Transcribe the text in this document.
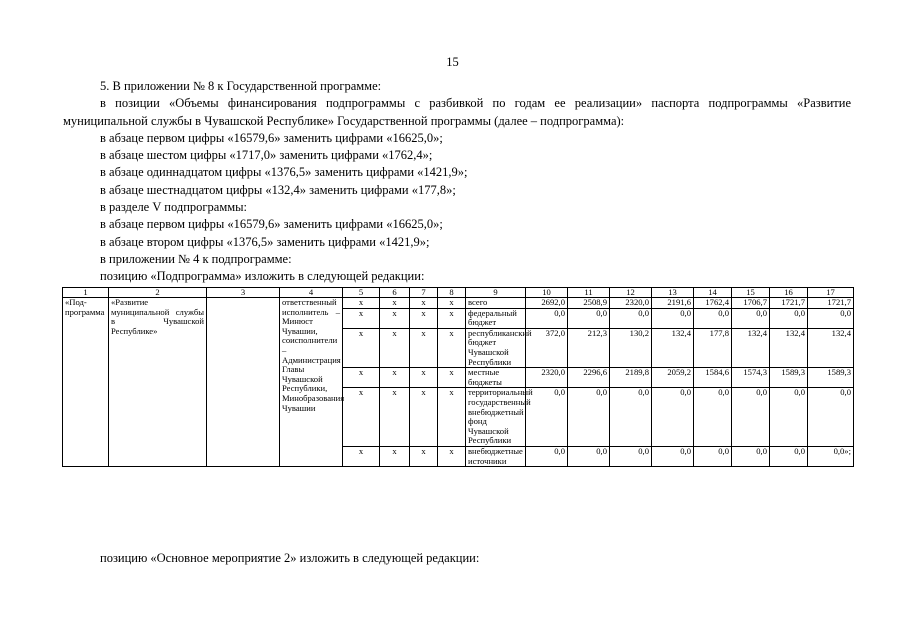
15

5. В приложении № 8 к Государственной программе:

в позиции «Объемы финансирования подпрограммы с разбивкой по годам ее реализации» паспорта подпрограммы «Развитие муниципальной службы в Чувашской Республике» Государственной программы (далее – подпрограмма):

в абзаце первом цифры «16579,6» заменить цифрами «16625,0»;

в абзаце шестом цифры «1717,0» заменить цифрами «1762,4»;

в абзаце одиннадцатом цифры «1376,5» заменить цифрами «1421,9»;

в абзаце шестнадцатом цифры «132,4» заменить цифрами «177,8»;

в разделе V подпрограммы:

в абзаце первом цифры «16579,6» заменить цифрами «16625,0»;

в абзаце втором цифры «1376,5» заменить цифрами «1421,9»;

в приложении № 4 к подпрограмме:

позицию «Подпрограмма» изложить в следующей редакции:

1	2	3	4	5	6	7	8	9	10	11	12	13	14	15	16	17
«Под-программа	«Развитие муниципальной службы в Чувашской Республике»		ответственный исполнитель – Минюст Чувашии, соисполнители – Администрация Главы Чувашской Республики, Минобразования Чувашии	x	x	x	x	всего	2692,0	2508,9	2320,0	2191,6	1762,4	1706,7	1721,7	1721,7
				x	x	x	x	федеральный бюджет	0,0	0,0	0,0	0,0	0,0	0,0	0,0	0,0
				x	x	x	x	республиканский бюджет Чувашской Республики	372,0	212,3	130,2	132,4	177,8	132,4	132,4	132,4
				x	x	x	x	местные бюджеты	2320,0	2296,6	2189,8	2059,2	1584,6	1574,3	1589,3	1589,3
				x	x	x	x	территориальный государственный внебюджетный фонд Чувашской Республики	0,0	0,0	0,0	0,0	0,0	0,0	0,0	0,0
				x	x	x	x	внебюджетные источники	0,0	0,0	0,0	0,0	0,0	0,0	0,0	0,0»;

позицию «Основное мероприятие 2» изложить в следующей редакции:
